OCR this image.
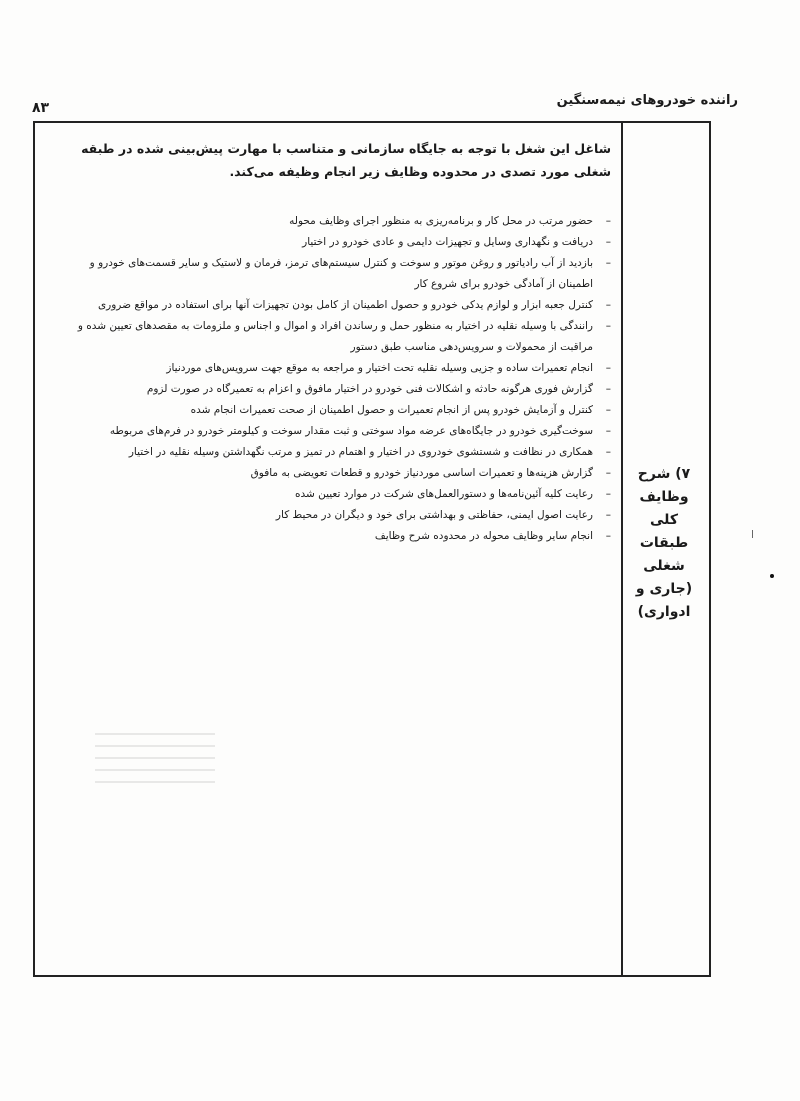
راننده خودروهای نیمه‌سنگین
۸۳
۷) شرح
وظایف
کلی
طبقات
شغلی
(جاری و
ادواری)
شاغل این شغل با توجه به جایگاه سازمانی و متناسب با مهارت پیش‌بینی شده در طبقه شغلی مورد تصدی در محدوده وظایف زیر انجام وظیفه می‌کند.
–
حضور مرتب در محل کار و برنامه‌ریزی به منظور اجرای وظایف محوله
–
دریافت و نگهداری وسایل و تجهیزات دایمی و عادی خودرو در اختیار
–
بازدید از آب رادیاتور و روغن موتور و سوخت و کنترل سیستم‌های ترمز، فرمان و لاستیک و سایر قسمت‌های خودرو و اطمینان از آمادگی خودرو برای شروع کار
–
کنترل جعبه ابزار و لوازم یدکی خودرو و حصول اطمینان از کامل بودن تجهیزات آنها برای استفاده در مواقع ضروری
–
رانندگی با وسیله نقلیه در اختیار به منظور حمل و رساندن افراد و اموال و اجناس و ملزومات به مقصدهای تعیین شده و مراقبت از محمولات و سرویس‌دهی مناسب طبق دستور
–
انجام تعمیرات ساده و جزیی وسیله نقلیه تحت اختیار و مراجعه به موقع جهت سرویس‌های موردنیاز
–
گزارش فوری هرگونه حادثه و اشکالات فنی خودرو در اختیار مافوق و اعزام به تعمیرگاه در صورت لزوم
–
کنترل و آزمایش خودرو پس از انجام تعمیرات و حصول اطمینان از صحت تعمیرات انجام شده
–
سوخت‌گیری خودرو در جایگاه‌های عرضه مواد سوختی و ثبت مقدار سوخت و کیلومتر خودرو در فرم‌های مربوطه
–
همکاری در نظافت و شستشوی خودروی در اختیار و اهتمام در تمیز و مرتب نگهداشتن وسیله نقلیه در اختیار
–
گزارش هزینه‌ها و تعمیرات اساسی موردنیاز خودرو و قطعات تعویضی به مافوق
–
رعایت کلیه آئین‌نامه‌ها و دستورالعمل‌های شرکت در موارد تعیین شده
–
رعایت اصول ایمنی، حفاظتی و بهداشتی برای خود و دیگران در محیط کار
–
انجام سایر وظایف محوله در محدوده شرح وظایف
